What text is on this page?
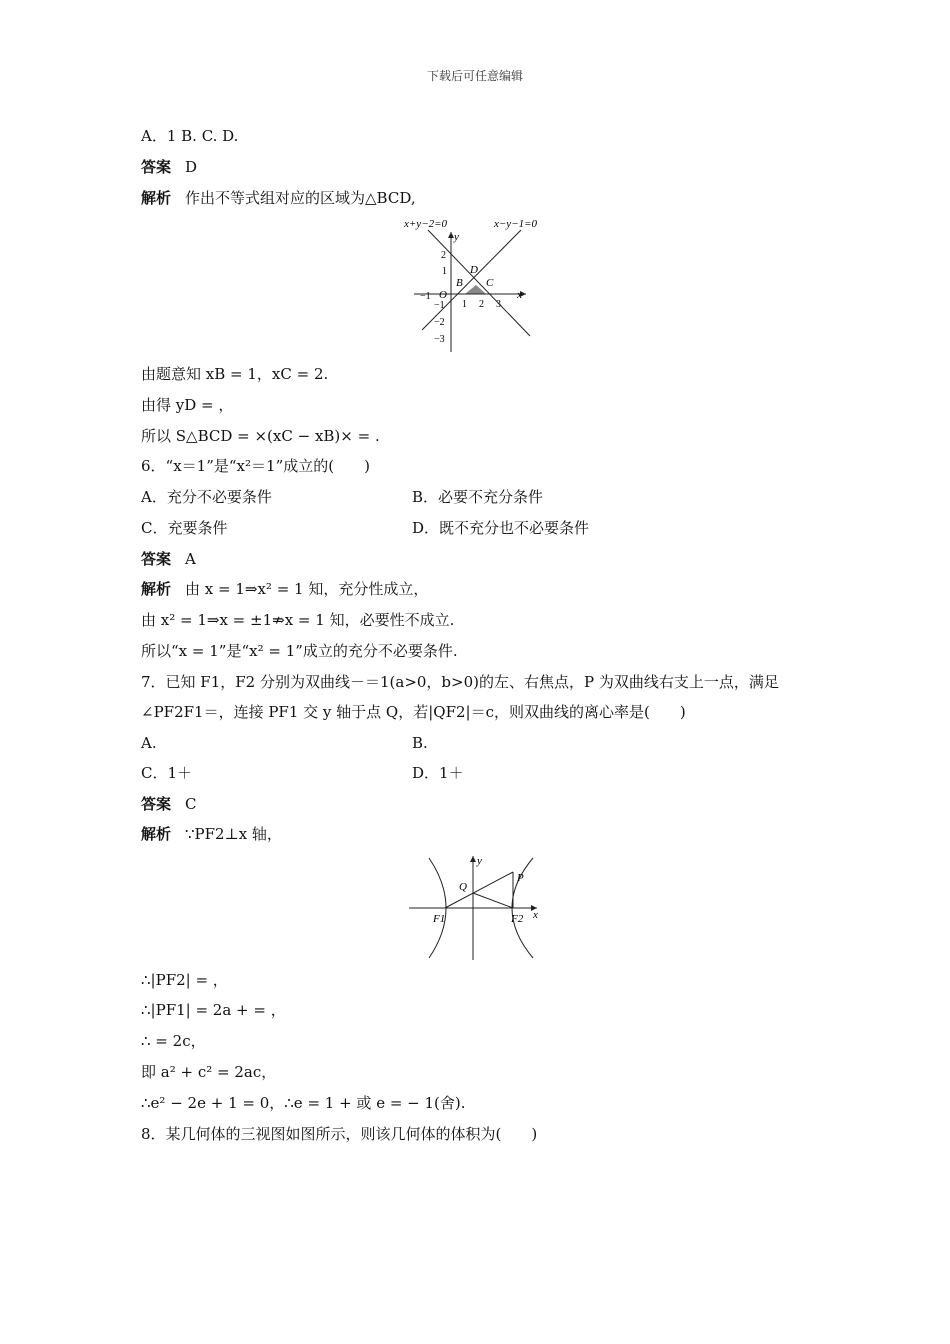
下载后可任意编辑
A．1 B. C. D.
答案 D
解析 作出不等式组对应的区域为△BCD,
x+y−2=0	x−y−1=0
y
x
O
B C
D
−1
1 2 3
2
1
−1
−2
−3
由题意知 xB = 1，xC = 2.
由得 yD = ，
所以 S△BCD = ×(xC − xB)× = .
6．“x＝1”是“x²＝1”成立的(　　)
A．充分不必要条件	B．必要不充分条件
C．充要条件	D．既不充分也不必要条件
答案 A
解析 由 x = 1⇒x² = 1 知，充分性成立，
由 x² = 1⇒x = ±1⇏x = 1 知，必要性不成立.
所以“x = 1”是“x² = 1”成立的充分不必要条件.
7．已知 F1，F2 分别为双曲线－＝1(a>0，b>0)的左、右焦点，P 为双曲线右支上一点，满足
∠PF2F1＝，连接 PF1 交 y 轴于点 Q，若|QF2|＝c，则双曲线的离心率是(　　)
A.	B.
C．1＋	D．1＋
答案 C
解析 ∵PF2⊥x 轴，
y
x
P
Q
F1	F2
∴|PF2| = ，
∴|PF1| = 2a + = ，
∴ = 2c，
即 a² + c² = 2ac，
∴e² − 2e + 1 = 0，∴e = 1 + 或 e = − 1(舍).
8．某几何体的三视图如图所示，则该几何体的体积为(　　)
